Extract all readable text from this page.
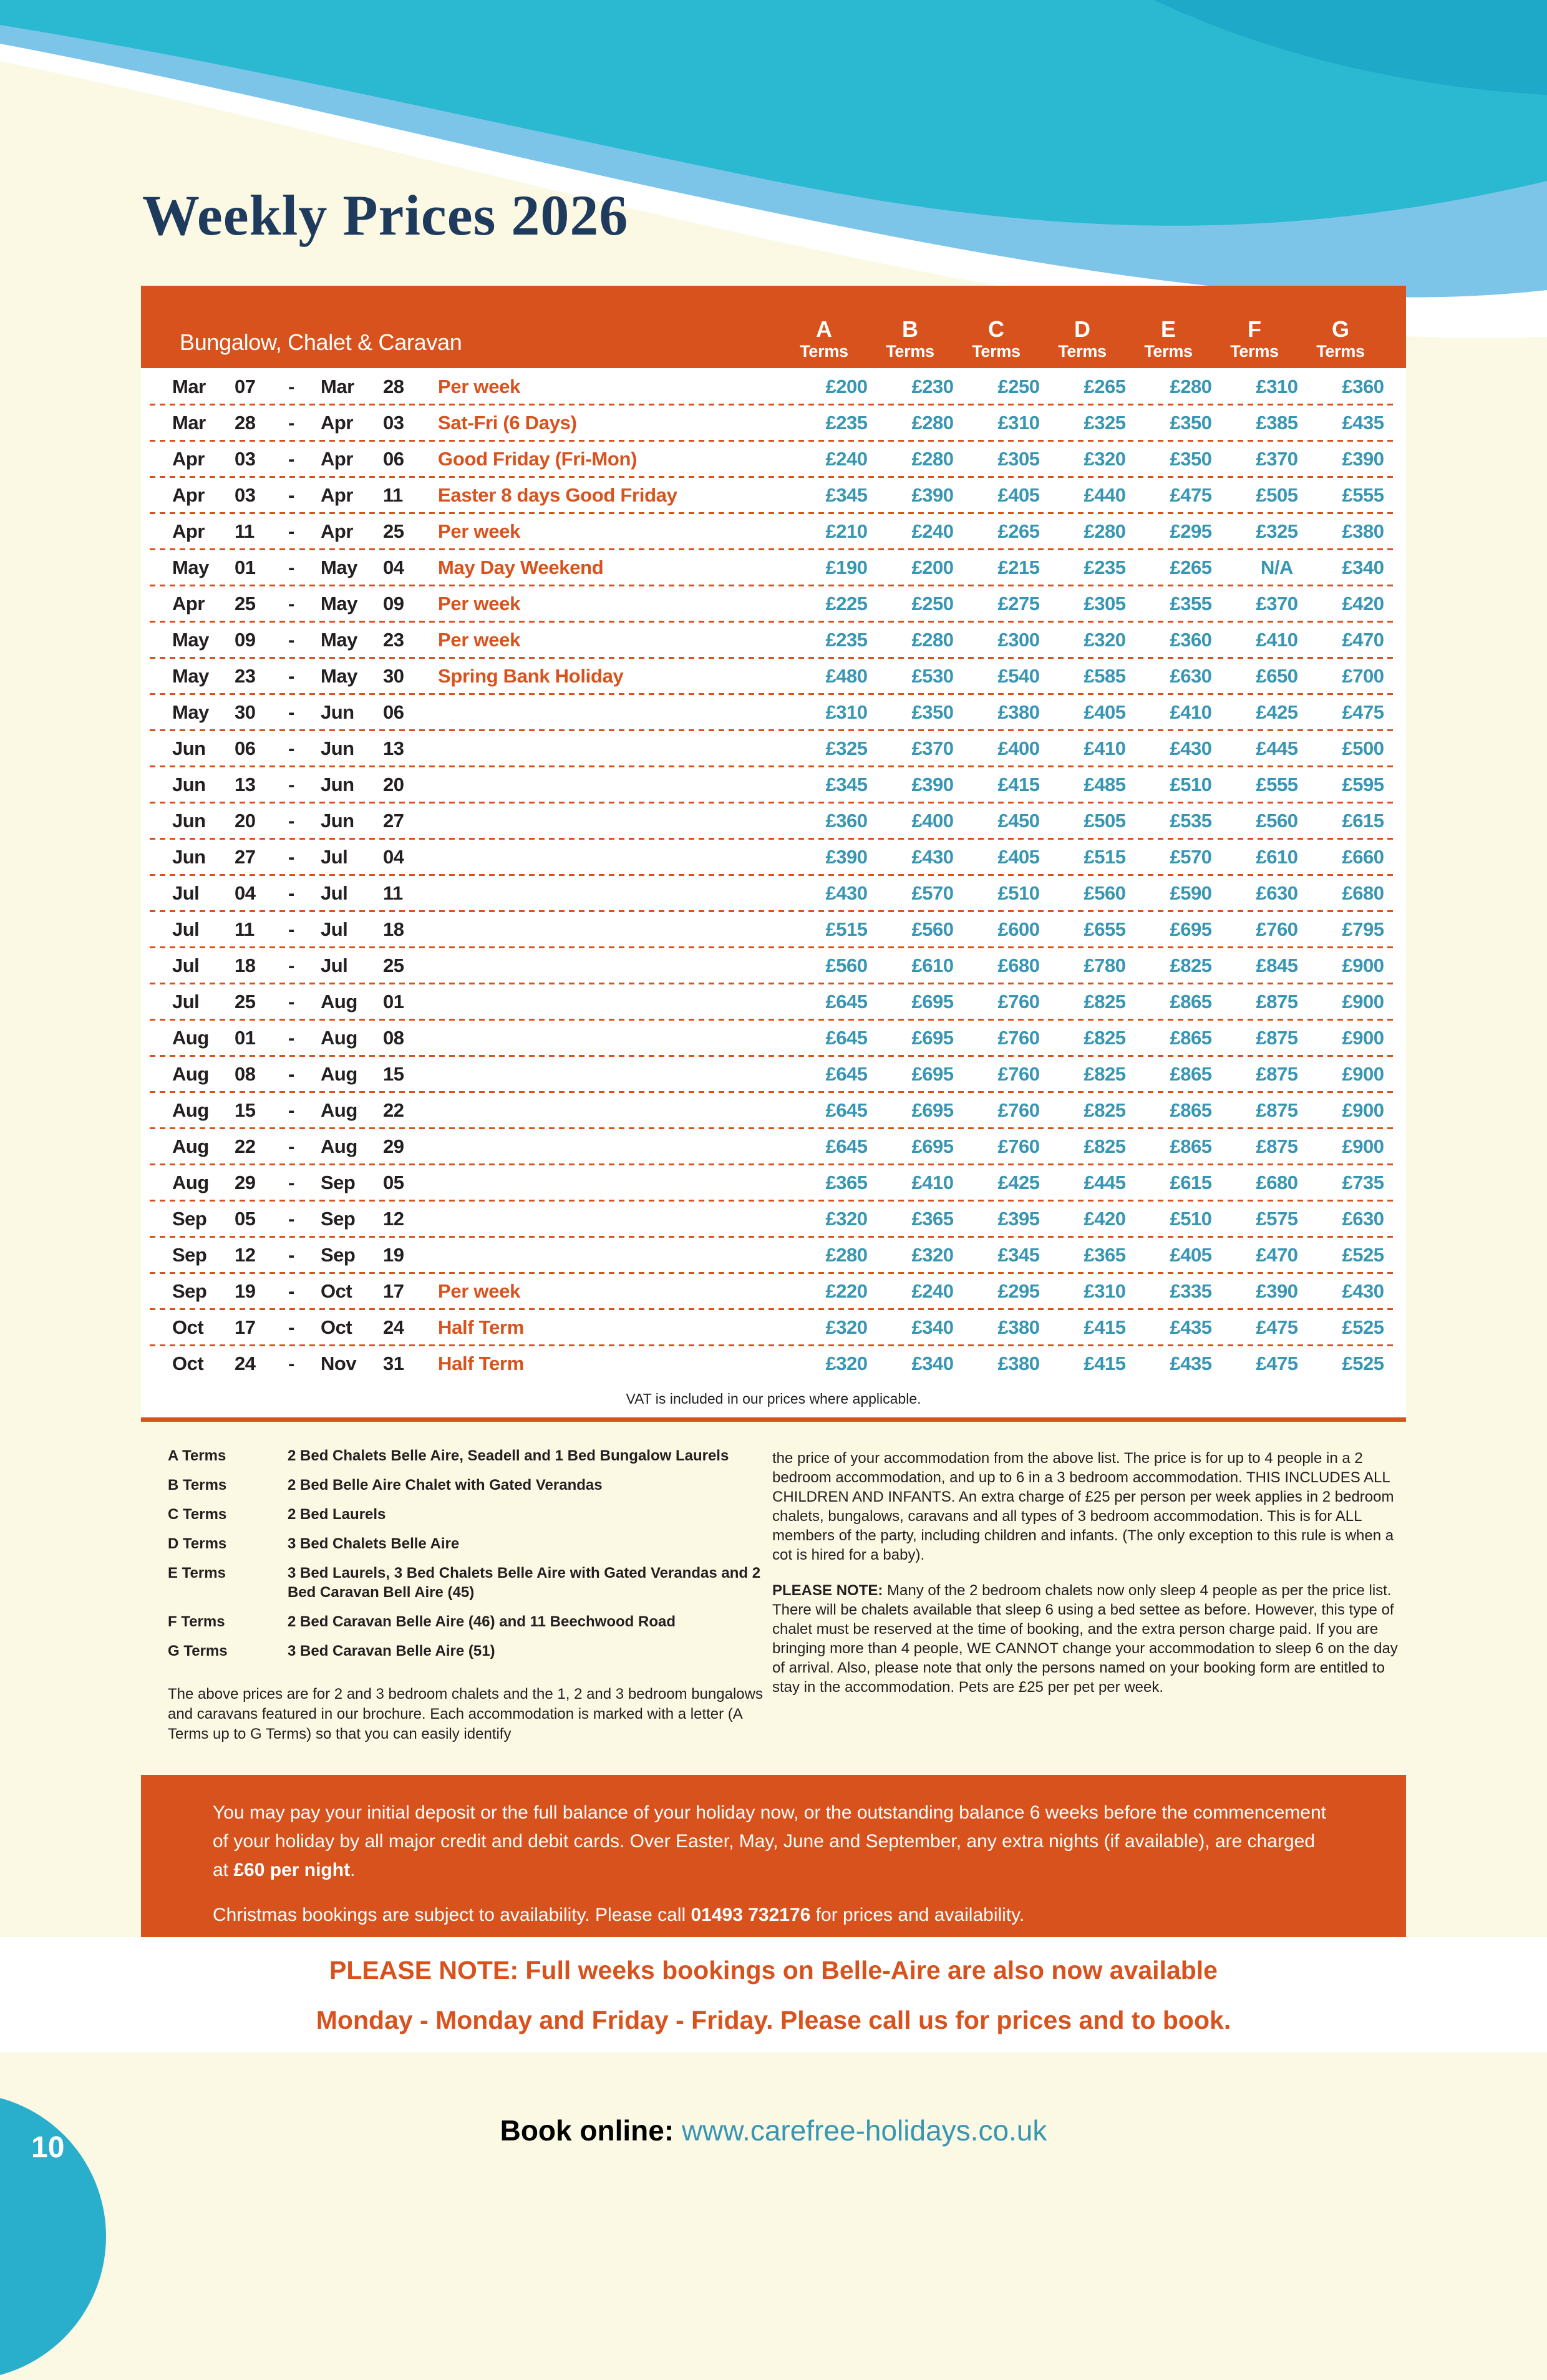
Weekly Prices 2026
Bungalow, Chalet & Caravan
A
Terms
B
Terms
C
Terms
D
Terms
E
Terms
F
Terms
G
Terms
Mar	07	-	Mar	28	Per week	£200	£230	£250	£265	£280	£310	£360
Mar	28	-	Apr	03	Sat-Fri (6 Days)	£235	£280	£310	£325	£350	£385	£435
Apr	03	-	Apr	06	Good Friday (Fri-Mon)	£240	£280	£305	£320	£350	£370	£390
Apr	03	-	Apr	11	Easter 8 days Good Friday	£345	£390	£405	£440	£475	£505	£555
Apr	11	-	Apr	25	Per week	£210	£240	£265	£280	£295	£325	£380
May	01	-	May	04	May Day Weekend	£190	£200	£215	£235	£265	N/A	£340
Apr	25	-	May	09	Per week	£225	£250	£275	£305	£355	£370	£420
May	09	-	May	23	Per week	£235	£280	£300	£320	£360	£410	£470
May	23	-	May	30	Spring Bank Holiday	£480	£530	£540	£585	£630	£650	£700
May	30	-	Jun	06	£310	£350	£380	£405	£410	£425	£475
Jun	06	-	Jun	13	£325	£370	£400	£410	£430	£445	£500
Jun	13	-	Jun	20	£345	£390	£415	£485	£510	£555	£595
Jun	20	-	Jun	27	£360	£400	£450	£505	£535	£560	£615
Jun	27	-	Jul	04	£390	£430	£405	£515	£570	£610	£660
Jul	04	-	Jul	11	£430	£570	£510	£560	£590	£630	£680
Jul	11	-	Jul	18	£515	£560	£600	£655	£695	£760	£795
Jul	18	-	Jul	25	£560	£610	£680	£780	£825	£845	£900
Jul	25	-	Aug	01	£645	£695	£760	£825	£865	£875	£900
Aug	01	-	Aug	08	£645	£695	£760	£825	£865	£875	£900
Aug	08	-	Aug	15	£645	£695	£760	£825	£865	£875	£900
Aug	15	-	Aug	22	£645	£695	£760	£825	£865	£875	£900
Aug	22	-	Aug	29	£645	£695	£760	£825	£865	£875	£900
Aug	29	-	Sep	05	£365	£410	£425	£445	£615	£680	£735
Sep	05	-	Sep	12	£320	£365	£395	£420	£510	£575	£630
Sep	12	-	Sep	19	£280	£320	£345	£365	£405	£470	£525
Sep	19	-	Oct	17	Per week	£220	£240	£295	£310	£335	£390	£430
Oct	17	-	Oct	24	Half Term	£320	£340	£380	£415	£435	£475	£525
Oct	24	-	Nov	31	Half Term	£320	£340	£380	£415	£435	£475	£525
VAT is included in our prices where applicable.
A Terms	2 Bed Chalets Belle Aire, Seadell and 1 Bed Bungalow Laurels
B Terms	2 Bed Belle Aire Chalet with Gated Verandas
C Terms	2 Bed Laurels
D Terms	3 Bed Chalets Belle Aire
E Terms	3 Bed Laurels, 3 Bed Chalets Belle Aire with Gated Verandas and 2 Bed Caravan Bell Aire (45)
F Terms	2 Bed Caravan Belle Aire (46) and 11 Beechwood Road
G Terms	3 Bed Caravan Belle Aire (51)
The above prices are for 2 and 3 bedroom chalets and the 1, 2 and 3 bedroom bungalows and caravans featured in our brochure. Each accommodation is marked with a letter (A Terms up to G Terms) so that you can easily identify

the price of your accommodation from the above list. The price is for up to 4 people in a 2 bedroom accommodation, and up to 6 in a 3 bedroom accommodation. THIS INCLUDES ALL CHILDREN AND INFANTS. An extra charge of £25 per person per week applies in 2 bedroom chalets, bungalows, caravans and all types of 3 bedroom accommodation. This is for ALL members of the party, including children and infants. (The only exception to this rule is when a cot is hired for a baby).

PLEASE NOTE: Many of the 2 bedroom chalets now only sleep 4 people as per the price list. There will be chalets available that sleep 6 using a bed settee as before. However, this type of chalet must be reserved at the time of booking, and the extra person charge paid. If you are bringing more than 4 people, WE CANNOT change your accommodation to sleep 6 on the day of arrival. Also, please note that only the persons named on your booking form are entitled to stay in the accommodation. Pets are £25 per pet per week.

You may pay your initial deposit or the full balance of your holiday now, or the outstanding balance 6 weeks before the commencement of your holiday by all major credit and debit cards. Over Easter, May, June and September, any extra nights (if available), are charged at £60 per night.

Christmas bookings are subject to availability. Please call 01493 732176 for prices and availability.

PLEASE NOTE: Full weeks bookings on Belle-Aire are also now available
Monday - Monday and Friday - Friday. Please call us for prices and to book.
Book online: www.carefree-holidays.co.uk
10
